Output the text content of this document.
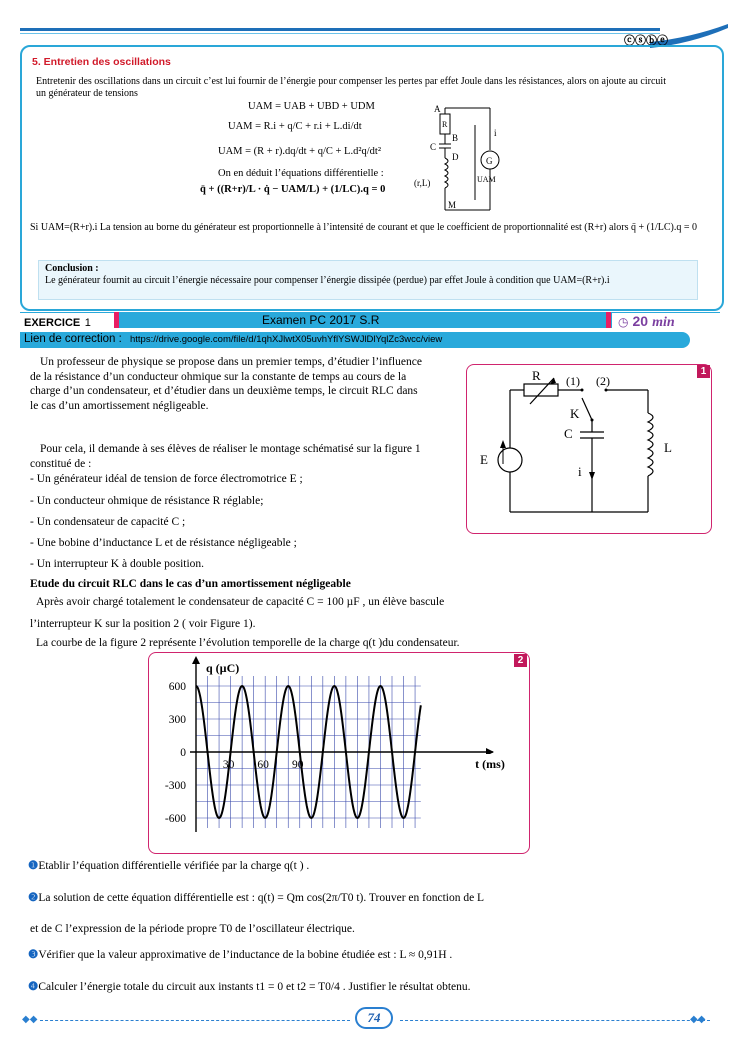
ⓒⓢⓑⓔ
5. Entretien des oscillations
Entretenir des oscillations dans un circuit c’est lui fournir de l’énergie pour compenser les pertes par effet Joule dans les résistances, alors on ajoute au circuit un générateur de tensions
UAM = UAB + UBD + UDM
UAM = R.i + q/C + r.i + L.di/dt
UAM = (R + r).dq/dt + q/C + L.d²q/dt²
On en déduit l’équations différentielle :
q̈ + ((R+r)/L · q̇ − UAM/L) + (1/LC).q = 0
A
R
B
C
D
(r,L)
M
i
G
UAM
Si UAM=(R+r).i La tension au borne du générateur est proportionnelle à l’intensité de courant et que le coefficient de proportionnalité est (R+r) alors q̈ + (1/LC).q = 0
Conclusion :
Le générateur fournit au circuit l’énergie nécessaire pour compenser l’énergie dissipée (perdue) par effet Joule à condition que UAM=(R+r).i
EXERCICE 1	Examen PC 2017 S.R	◷ 20 min
Lien de correction : https://drive.google.com/file/d/1qhXJlwtX05uvhYflYSWJlDlYqlZc3wcc/view
Un professeur de physique se propose dans un premier temps, d’étudier l’influence de la résistance d’un conducteur ohmique sur la constante de temps au cours de la charge d’un condensateur, et d’étudier dans un deuxième temps, le circuit RLC dans le cas d’un amortissement négligeable.
Pour cela, il demande à ses élèves de réaliser le montage schématisé sur la figure 1 constitué de :
- Un générateur idéal de tension de force électromotrice E ;
- Un conducteur ohmique de résistance R réglable;
- Un condensateur de capacité C ;
- Une bobine d’inductance L et de résistance négligeable ;
- Un interrupteur K à double position.
1
R (1) (2)
K
C
E
L
i
Etude du circuit RLC dans le cas d’un amortissement négligeable
Après avoir chargé totalement le condensateur de capacité C = 100 µF , un élève bascule
l’interrupteur K sur la position 2 ( voir Figure 1).
La courbe de la figure 2 représente l’évolution temporelle de la charge q(t )du condensateur.
2
600
300
0
-300
-600
30 60 90
q (µC)
t (ms)
❶Etablir l’équation différentielle vérifiée par la charge q(t ) .
❷La solution de cette équation différentielle est : q(t) = Qm cos(2π/T0 t). Trouver en fonction de L
et de C l’expression de la période propre T0 de l’oscillateur électrique.
❸Vérifier que la valeur approximative de l’inductance de la bobine étudiée est : L ≈ 0,91H .
❹Calculer l’énergie totale du circuit aux instants t1 = 0 et t2 = T0/4 . Justifier le résultat obtenu.
◆◆	◆◆
74
